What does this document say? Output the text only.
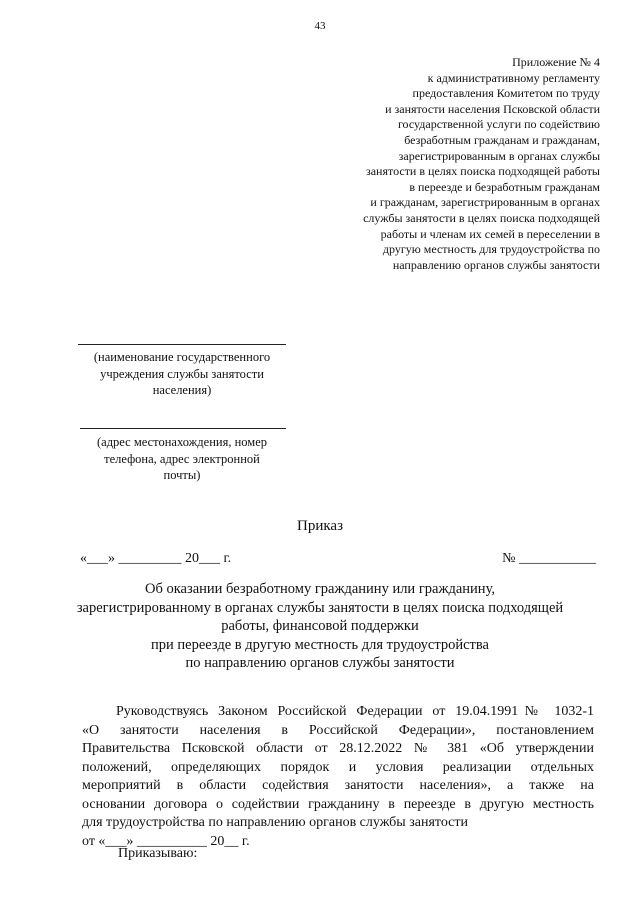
43
Приложение № 4
к административному регламенту
предоставления Комитетом по труду
и занятости населения Псковской области
государственной услуги по содействию
безработным гражданам и гражданам,
зарегистрированным в органах службы
занятости в целях поиска подходящей работы
в переезде и безработным гражданам
и гражданам, зарегистрированным в органах
службы занятости в целях поиска подходящей
работы и членам их семей в переселении в
другую местность для трудоустройства по
направлению органов службы занятости
(наименование государственного
учреждения службы занятости
населения)
(адрес местонахождения, номер
телефона, адрес электронной
почты)
Приказ
«___» _________ 20___ г.	№ ___________
Об оказании безработному гражданину или гражданину,
зарегистрированному в органах службы занятости в целях поиска подходящей
работы, финансовой поддержки
при переезде в другую местность для трудоустройства
по направлению органов службы занятости
Руководствуясь Законом Российской Федерации от 19.04.1991№ 1032-1
«О занятости населения в Российской Федерации», постановлением
Правительства Псковской области от 28.12.2022 № 381 «Об утверждении
положений, определяющих порядок и условия реализации отдельных
мероприятий в области содействия занятости населения», а также на
основании договора о содействии гражданину в переезде в другую местность
для трудоустройства по направлению органов службы занятости
от «___» __________ 20__ г.
Приказываю:
